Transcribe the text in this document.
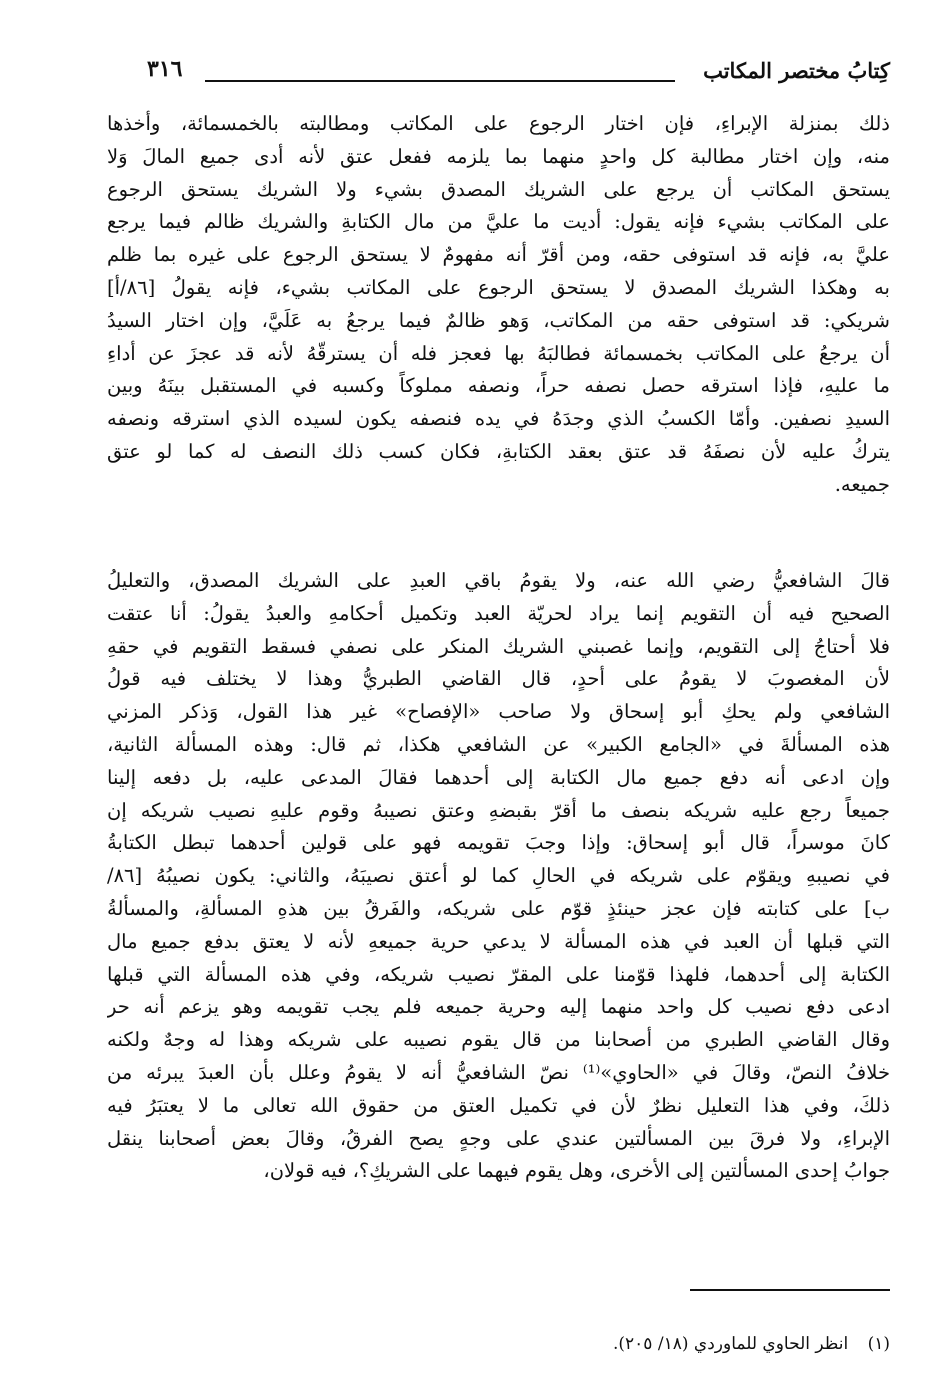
كِتابُ مختصر المكاتب
٣١٦
ذلك بمنزلة الإبراءِ، فإن اختار الرجوع على المكاتب ومطالبته بالخمسمائة، وأخذها
منه، وإن اختار مطالبة كل واحدٍ منهما بما يلزمه ففعل عتق لأنه أدى جميع المالَ وَلا
يستحق المكاتب أن يرجع على الشريك المصدق بشيء ولا الشريك يستحق الرجوع
على المكاتب بشيء فإنه يقول: أديت ما عليَّ من مال الكتابةِ والشريك ظالم فيما يرجع
عليَّ به، فإنه قد استوفى حقه، ومن أقرّ أنه مفهومٌ لا يستحق الرجوع على غيره بما ظلم
به وهكذا الشريك المصدق لا يستحق الرجوع على المكاتب بشيء، فإنه يقولُ [٨٦/أ]
شريكي: قد استوفى حقه من المكاتب، وَهو ظالمٌ فيما يرجعُ به عَلَيَّ، وإن اختار السيدُ
أن يرجعُ على المكاتب بخمسمائة فطالبَهُ بها فعجز فله أن يسترقّهُ لأنه قد عجزَ عن أداءِ
ما عليهِ، فإذا استرقه حصل نصفه حراً، ونصفه مملوكاً وكسبه في المستقبل بينَهُ وبين
السيدِ نصفين. وأمّا الكسبُ الذي وجدَهُ في يده فنصفه يكون لسيده الذي استرقه ونصفه
يتركُ عليه لأن نصفَهُ قد عتق بعقد الكتابةِ، فكان كسب ذلك النصف له كما لو عتق
جميعه.
قالَ الشافعيُّ رضي الله عنه، ولا يقومُ باقي العبدِ على الشريك المصدق، والتعليلُ
الصحيح فيه أن التقويم إنما يراد لحريّة العبد وتكميل أحكامهِ والعبدُ يقولُ: أنا عتقت
فلا أحتاجُ إلى التقويم، وإنما غصبني الشريك المنكر على نصفي فسقط التقويم في حقهِ
لأن المغصوبَ لا يقومُ على أحدٍ، قال القاضي الطبريُّ وهذا لا يختلف فيه قولُ
الشافعي ولم يحكِ أبو إسحاق ولا صاحب «الإفصاح» غير هذا القول، وَذكر المزني
هذه المسألةَ في «الجامع الكبير» عن الشافعي هكذا، ثم قال: وهذه المسألة الثانية،
وإن ادعى أنه دفع جميع مال الكتابة إلى أحدهما فقالَ المدعى عليه، بل دفعه إلينا
جميعاً رجع عليه شريكه بنصف ما أقرّ بقبضهِ وعتق نصيبهُ وقوم عليهِ نصيب شريكه إن
كانَ موسراً، قال أبو إسحاق: وإذا وجبَ تقويمه فهو على قولين أحدهما تبطل الكتابةُ
في نصيبهِ ويقوّم على شريكه في الحالِ كما لو أعتق نصيبَهُ، والثاني: يكون نصيبُهُ [٨٦/
ب] على كتابته فإن عجز حينئذٍ قوّم على شريكه، والفَرقُ بين هذهِ المسألةِ، والمسألةُ
التي قبلها أن العبد في هذه المسألة لا يدعي حرية جميعهِ لأنه لا يعتق بدفع جميع مال
الكتابة إلى أحدهما، فلهذا قوّمنا على المقرّ نصيب شريكه، وفي هذه المسألة التي قبلها
ادعى دفع نصيب كل واحد منهما إليه وحرية جميعه فلم يجب تقويمه وهو يزعم أنه حر
وقال القاضي الطبري من أصحابنا من قال يقوم نصيبه على شريكه وهذا له وجهٌ ولكنه
خلافُ النصّ، وقالَ في «الحاوي»⁽¹⁾ نصّ الشافعيُّ أنه لا يقومُ وعلل بأن العبدَ يبرئه من
ذلكَ، وفي هذا التعليل نظرٌ لأن في تكميل العتق من حقوق الله تعالى ما لا يعتبَرُ فيه
الإبراءِ، ولا فرقَ بين المسألتين عندي على وجهٍ يصح الفرقُ، وقالَ بعض أصحابنا ينقل
جوابُ إحدى المسألتين إلى الأخرى، وهل يقوم فيهما على الشريكِ؟، فيه قولان،
(١) انظر الحاوي للماوردي (١٨/ ٢٠٥).
